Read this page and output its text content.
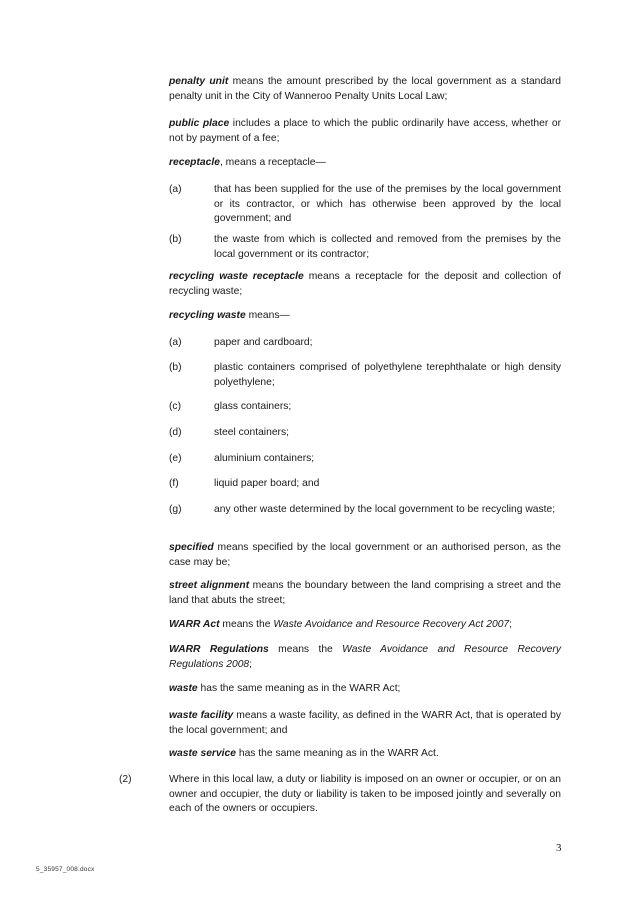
penalty unit means the amount prescribed by the local government as a standard penalty unit in the City of Wanneroo Penalty Units Local Law;
public place includes a place to which the public ordinarily have access, whether or not by payment of a fee;
receptacle, means a receptacle—
(a)	that has been supplied for the use of the premises by the local government or its contractor, or which has otherwise been approved by the local government; and
(b)	the waste from which is collected and removed from the premises by the local government or its contractor;
recycling waste receptacle means a receptacle for the deposit and collection of recycling waste;
recycling waste means—
(a)	paper and cardboard;
(b)	plastic containers comprised of polyethylene terephthalate or high density polyethylene;
(c)	glass containers;
(d)	steel containers;
(e)	aluminium containers;
(f)	liquid paper board; and
(g)	any other waste determined by the local government to be recycling waste;
specified means specified by the local government or an authorised person, as the case may be;
street alignment means the boundary between the land comprising a street and the land that abuts the street;
WARR Act means the Waste Avoidance and Resource Recovery Act 2007;
WARR Regulations means the Waste Avoidance and Resource Recovery Regulations 2008;
waste has the same meaning as in the WARR Act;
waste facility means a waste facility, as defined in the WARR Act, that is operated by the local government; and
waste service has the same meaning as in the WARR Act.
(2)	Where in this local law, a duty or liability is imposed on an owner or occupier, or on an owner and occupier, the duty or liability is taken to be imposed jointly and severally on each of the owners or occupiers.
3
5_35957_008.docx
